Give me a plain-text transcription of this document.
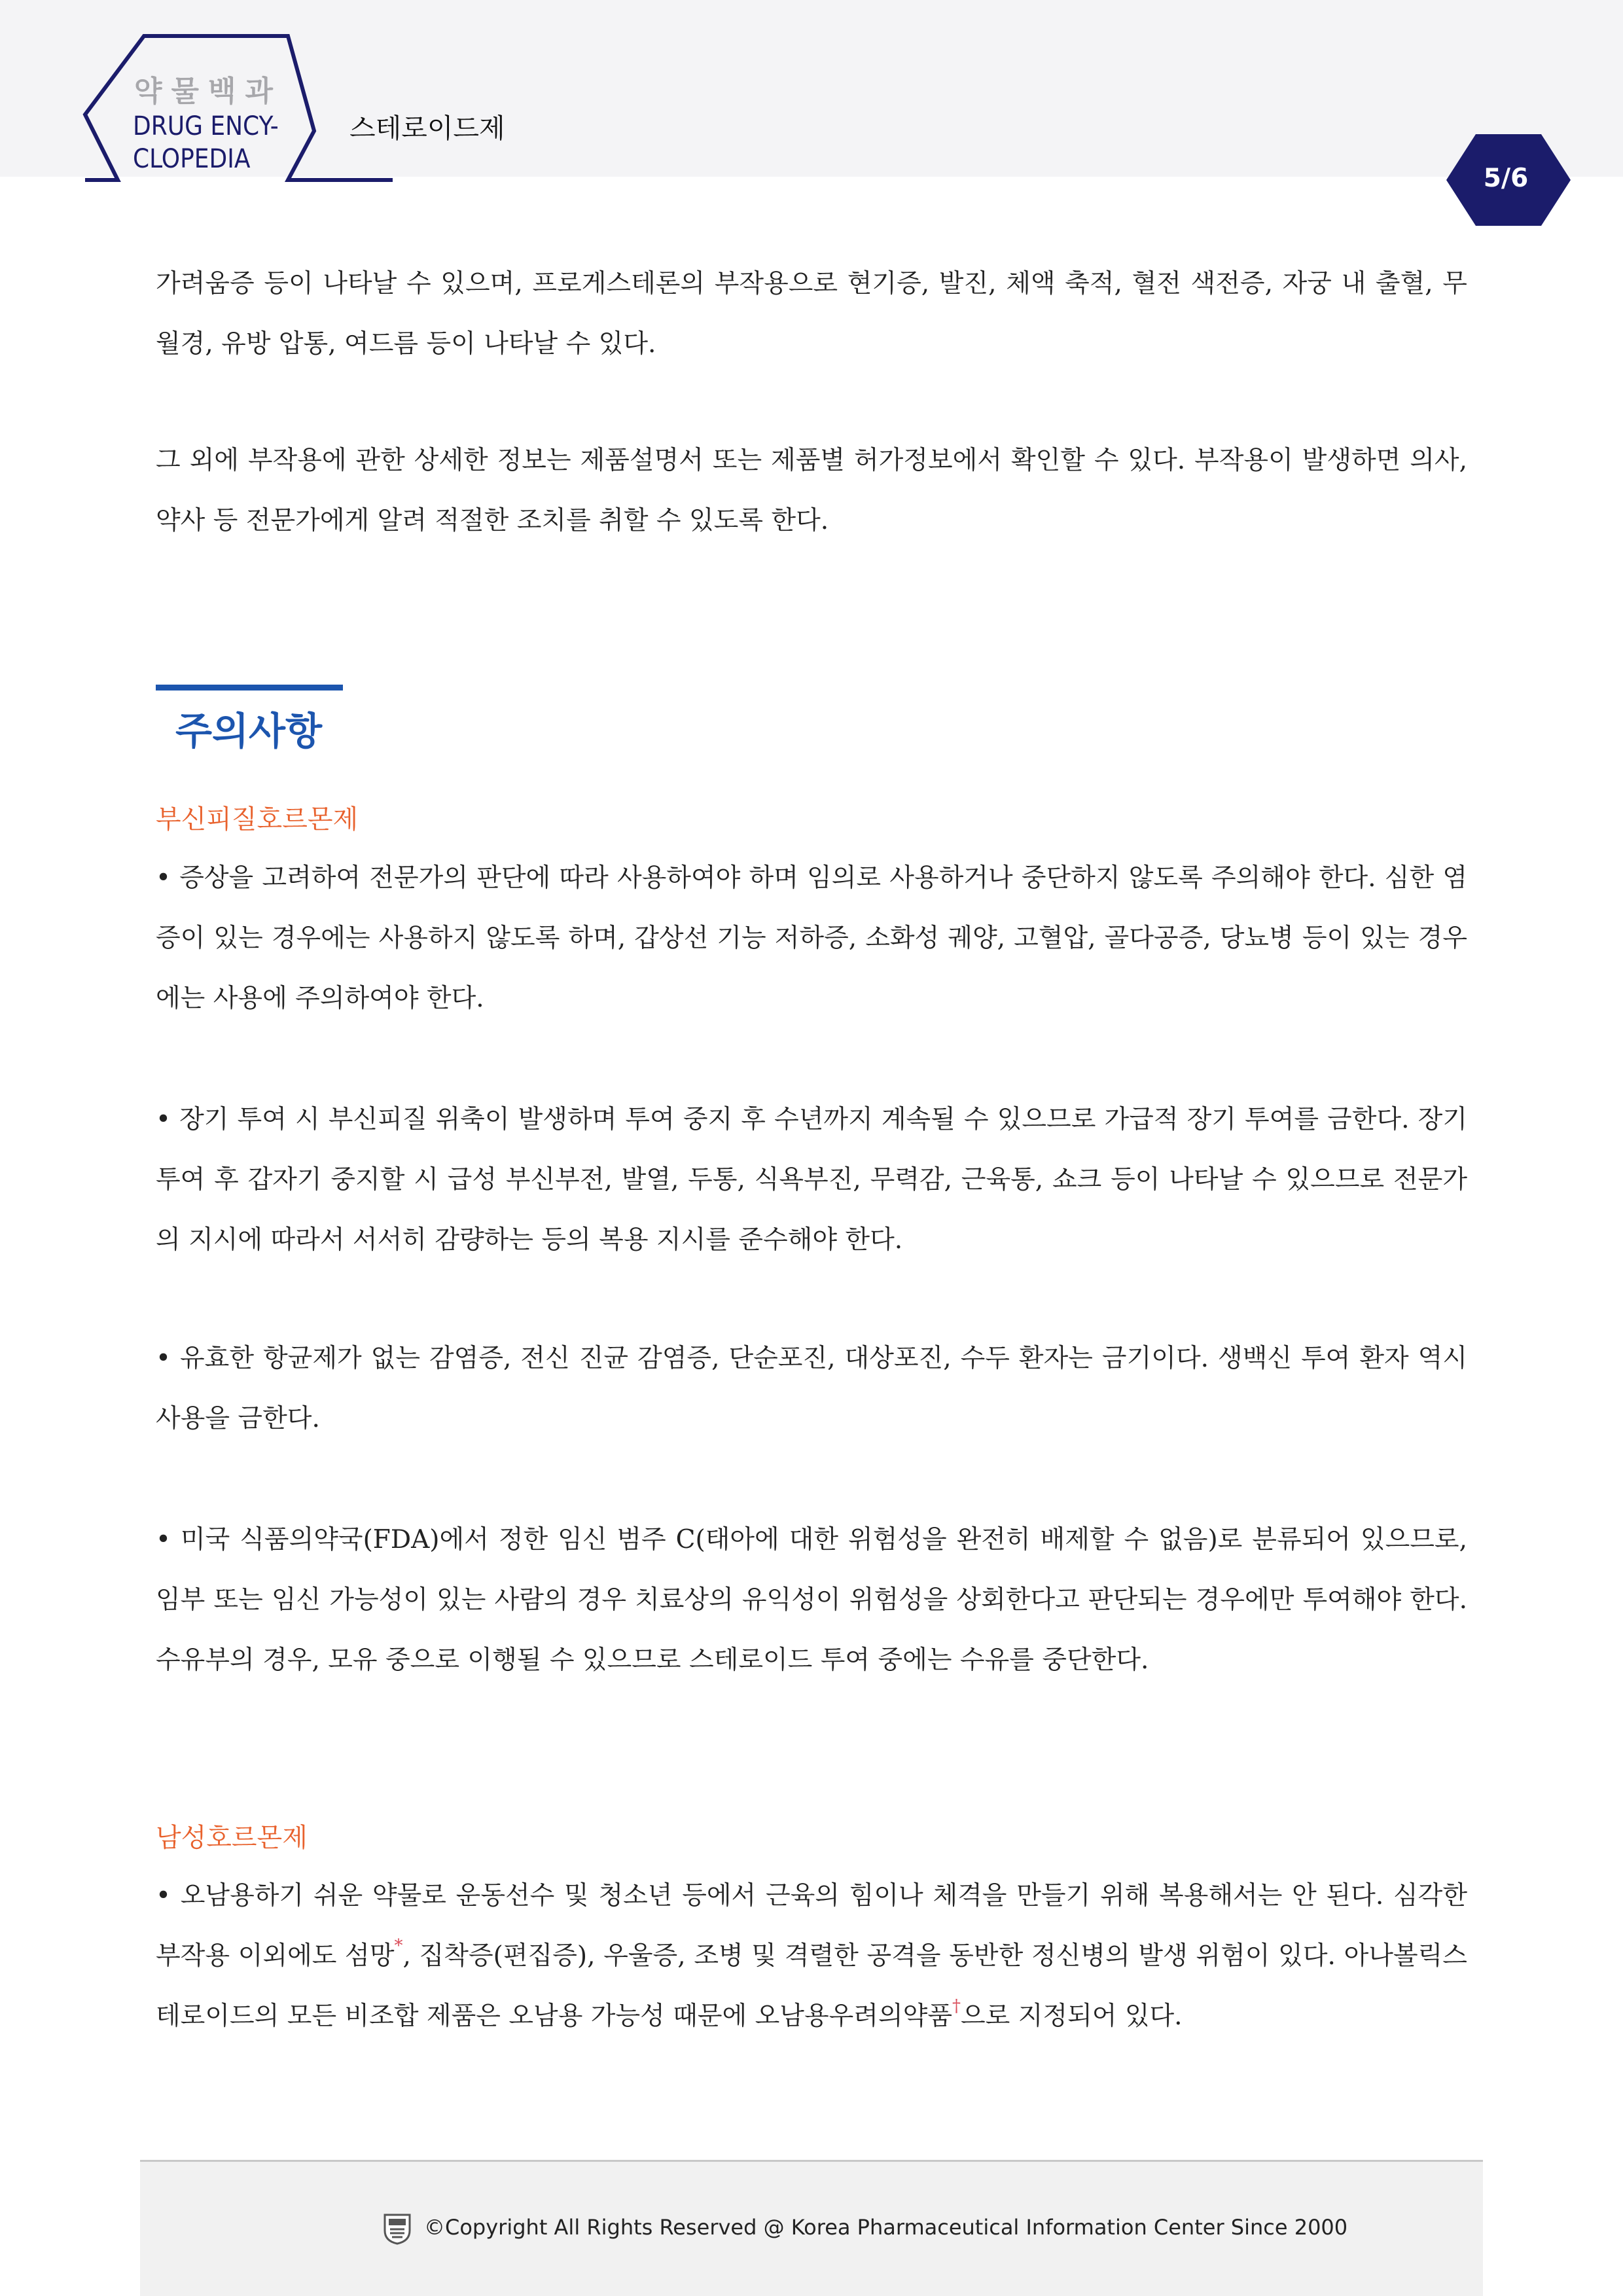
약물백과
DRUG ENCY-
CLOPEDIA
스테로이드제
5/6

가려움증 등이 나타날 수 있으며, 프로게스테론의 부작용으로 현기증, 발진, 체액 축적, 혈전 색전증, 자궁 내 출혈, 무월경, 유방 압통, 여드름 등이 나타날 수 있다.

그 외에 부작용에 관한 상세한 정보는 제품설명서 또는 제품별 허가정보에서 확인할 수 있다. 부작용이 발생하면 의사, 약사 등 전문가에게 알려 적절한 조치를 취할 수 있도록 한다.

주의사항
부신피질호르몬제

• 증상을 고려하여 전문가의 판단에 따라 사용하여야 하며 임의로 사용하거나 중단하지 않도록 주의해야 한다. 심한 염증이 있는 경우에는 사용하지 않도록 하며, 갑상선 기능 저하증, 소화성 궤양, 고혈압, 골다공증, 당뇨병 등이 있는 경우에는 사용에 주의하여야 한다.

• 장기 투여 시 부신피질 위축이 발생하며 투여 중지 후 수년까지 계속될 수 있으므로 가급적 장기 투여를 금한다. 장기 투여 후 갑자기 중지할 시 급성 부신부전, 발열, 두통, 식욕부진, 무력감, 근육통, 쇼크 등이 나타날 수 있으므로 전문가의 지시에 따라서 서서히 감량하는 등의 복용 지시를 준수해야 한다.

• 유효한 항균제가 없는 감염증, 전신 진균 감염증, 단순포진, 대상포진, 수두 환자는 금기이다. 생백신 투여 환자 역시 사용을 금한다.

• 미국 식품의약국(FDA)에서 정한 임신 범주 C(태아에 대한 위험성을 완전히 배제할 수 없음)로 분류되어 있으므로, 임부 또는 임신 가능성이 있는 사람의 경우 치료상의 유익성이 위험성을 상회한다고 판단되는 경우에만 투여해야 한다. 수유부의 경우, 모유 중으로 이행될 수 있으므로 스테로이드 투여 중에는 수유를 중단한다.

남성호르몬제

• 오남용하기 쉬운 약물로 운동선수 및 청소년 등에서 근육의 힘이나 체격을 만들기 위해 복용해서는 안 된다. 심각한 부작용 이외에도 섬망*, 집착증(편집증), 우울증, 조병 및 격렬한 공격을 동반한 정신병의 발생 위험이 있다. 아나볼릭스테로이드의 모든 비조합 제품은 오남용 가능성 때문에 오남용우려의약품†으로 지정되어 있다.

©Copyright All Rights Reserved @ Korea Pharmaceutical Information Center Since 2000
